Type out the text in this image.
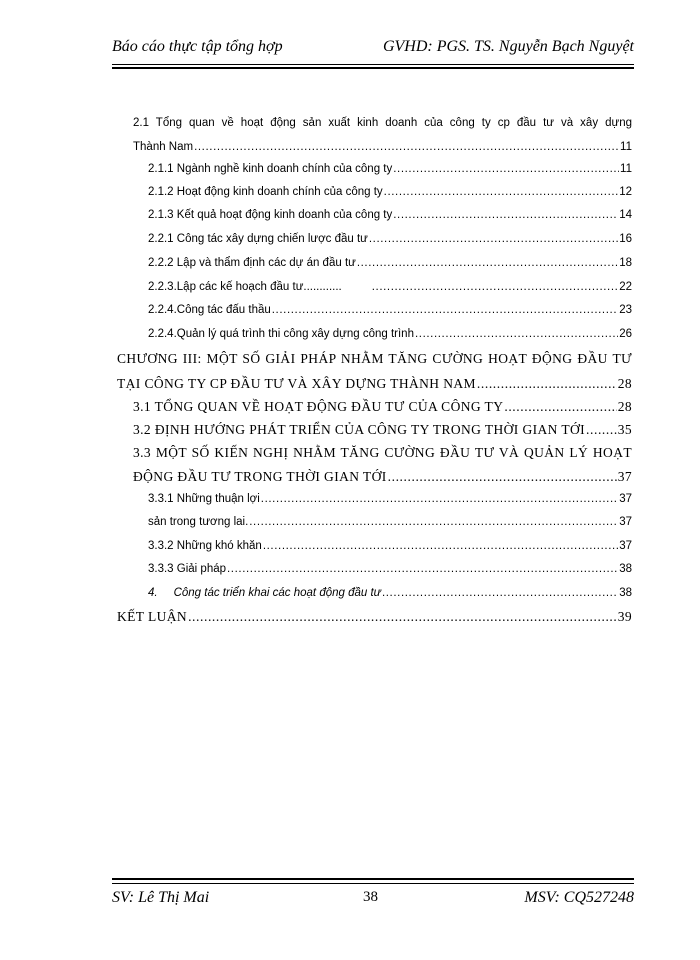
Báo cáo thực tập tổng hợp	GVHD: PGS. TS. Nguyễn Bạch Nguyệt
2.1 Tổng quan về hoạt động sản xuất kinh doanh của công ty cp đầu tư và xây dựng
Thành Nam .....	11
2.1.1 Ngành nghề kinh doanh chính của công ty .....	11
2.1.2 Hoạt động kinh doanh chính của công ty .....	12
2.1.3 Kết quả hoạt động kinh doanh của công ty .....	14
2.2.1 Công tác xây dựng chiến lược đầu tư .....	16
2.2.2 Lập và thẩm định các dự án đầu tư .....	18
2.2.3.Lập các kế hoạch đầu tư............ .....	22
2.2.4.Công tác đấu thầu .....	23
2.2.4.Quản lý quá trình thi công xây dựng công trình .....	26
CHƯƠNG III: MỘT SỐ GIẢI PHÁP NHẰM TĂNG CƯỜNG HOẠT ĐỘNG ĐẦU TƯ
TẠI CÔNG TY CP ĐẦU TƯ VÀ XÂY DỰNG THÀNH NAM .....	28
3.1 TỔNG QUAN VỀ HOẠT ĐỘNG ĐẦU TƯ CỦA CÔNG TY .....	28
3.2 ĐỊNH HƯỚNG PHÁT TRIỂN CỦA CÔNG TY TRONG THỜI GIAN TỚI ..... 35
3.3 MỘT SỐ KIẾN NGHỊ NHẰM TĂNG CƯỜNG ĐẦU TƯ VÀ QUẢN LÝ HOẠT
ĐỘNG ĐẦU TƯ TRONG THỜI GIAN TỚI .....	37
3.3.1 Những thuận lợi .....	37
sản trong tương lai. .....	37
3.3.2 Những khó khăn .....	37
3.3.3 Giải pháp .....	38
4.     Công tác triển khai các hoạt động đầu tư .....	38
KẾT LUẬN .....	39
SV: Lê Thị Mai	38	MSV: CQ527248
